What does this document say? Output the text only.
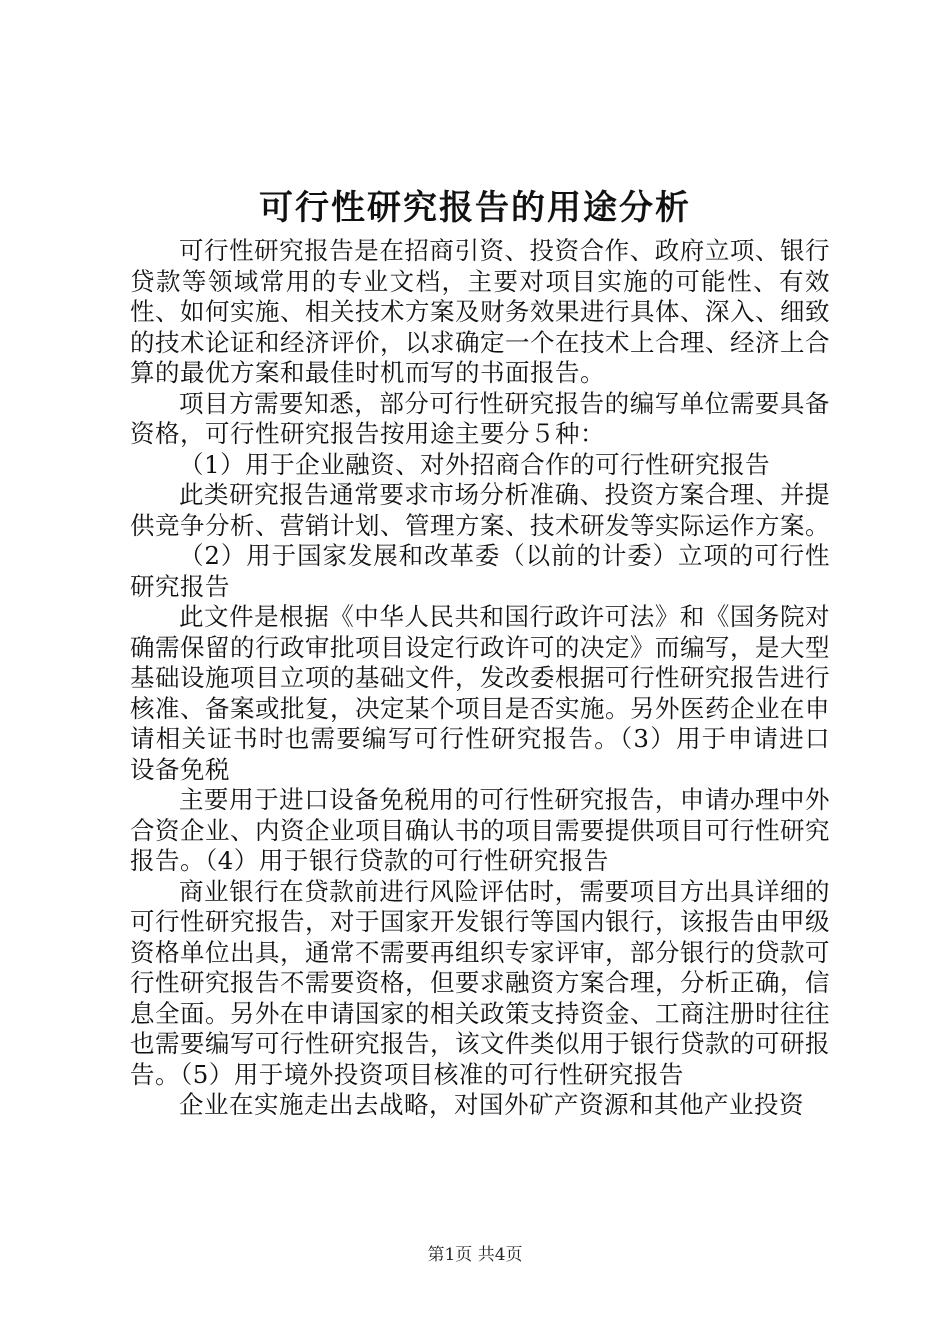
可行性研究报告的用途分析

可行性研究报告是在招商引资、投资合作、政府立项、银行贷款等领域常用的专业文档，主要对项目实施的可能性、有效性、如何实施、相关技术方案及财务效果进行具体、深入、细致的技术论证和经济评价，以求确定一个在技术上合理、经济上合算的最优方案和最佳时机而写的书面报告。

项目方需要知悉，部分可行性研究报告的编写单位需要具备资格，可行性研究报告按用途主要分５种：

（1）用于企业融资、对外招商合作的可行性研究报告

此类研究报告通常要求市场分析准确、投资方案合理、并提供竞争分析、营销计划、管理方案、技术研发等实际运作方案。

（2）用于国家发展和改革委（以前的计委）立项的可行性研究报告

此文件是根据《中华人民共和国行政许可法》和《国务院对确需保留的行政审批项目设定行政许可的决定》而编写，是大型基础设施项目立项的基础文件，发改委根据可行性研究报告进行核准、备案或批复，决定某个项目是否实施。另外医药企业在申请相关证书时也需要编写可行性研究报告。（3）用于申请进口设备免税

主要用于进口设备免税用的可行性研究报告，申请办理中外合资企业、内资企业项目确认书的项目需要提供项目可行性研究报告。（4）用于银行贷款的可行性研究报告

商业银行在贷款前进行风险评估时，需要项目方出具详细的可行性研究报告，对于国家开发银行等国内银行，该报告由甲级资格单位出具，通常不需要再组织专家评审，部分银行的贷款可行性研究报告不需要资格，但要求融资方案合理，分析正确，信息全面。另外在申请国家的相关政策支持资金、工商注册时往往也需要编写可行性研究报告，该文件类似用于银行贷款的可研报告。（5）用于境外投资项目核准的可行性研究报告

企业在实施走出去战略，对国外矿产资源和其他产业投资

第1页 共4页
